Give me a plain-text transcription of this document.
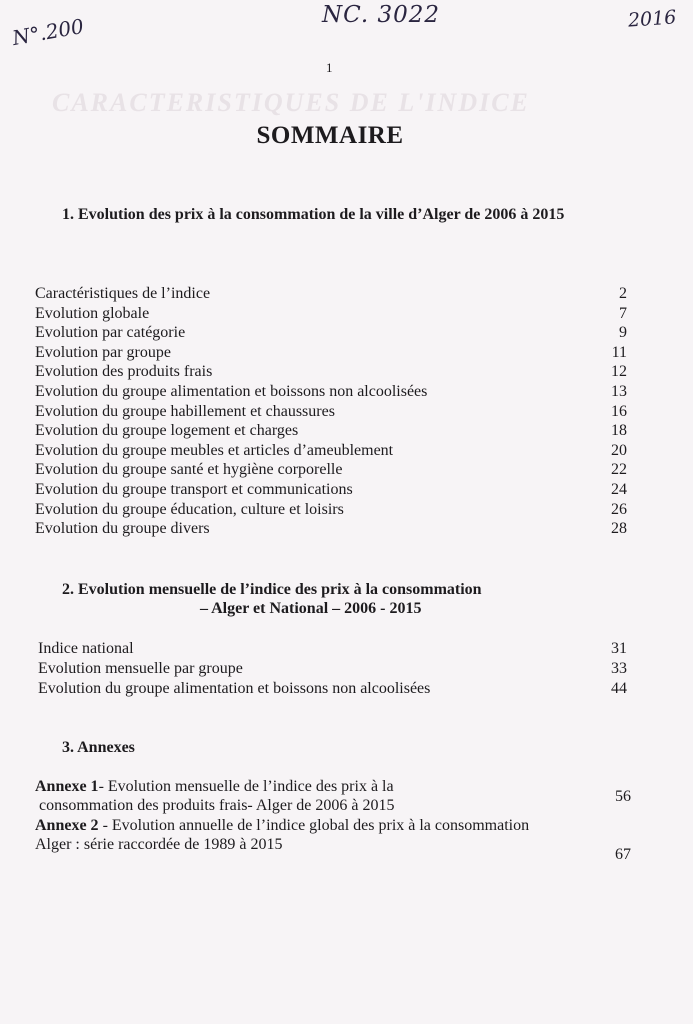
CARACTERISTIQUES DE L'INDICE
N°.200	NC. 3022	2016
1
SOMMAIRE
1. Evolution des prix à la consommation de la ville d’Alger de 2006 à 2015
Caractéristiques de l’indice	2
Evolution globale	7
Evolution par catégorie	9
Evolution par groupe	11
Evolution des produits frais	12
Evolution du groupe alimentation et boissons non alcoolisées	13
Evolution du groupe habillement et chaussures	16
Evolution du groupe logement et charges	18
Evolution du groupe meubles et articles d’ameublement	20
Evolution du groupe santé et hygiène corporelle	22
Evolution du groupe transport et communications	24
Evolution du groupe éducation, culture et loisirs	26
Evolution du groupe divers	28
2. Evolution mensuelle de l’indice des prix à la consommation
– Alger et National – 2006 - 2015
Indice national	31
Evolution mensuelle par groupe	33
Evolution du groupe alimentation et boissons non alcoolisées	44
3. Annexes
Annexe 1- Evolution mensuelle de l’indice des prix à la
consommation des produits frais- Alger de 2006 à 2015
56
Annexe 2 - Evolution annuelle de l’indice global des prix à la consommation
Alger : série raccordée de 1989 à 2015
67
